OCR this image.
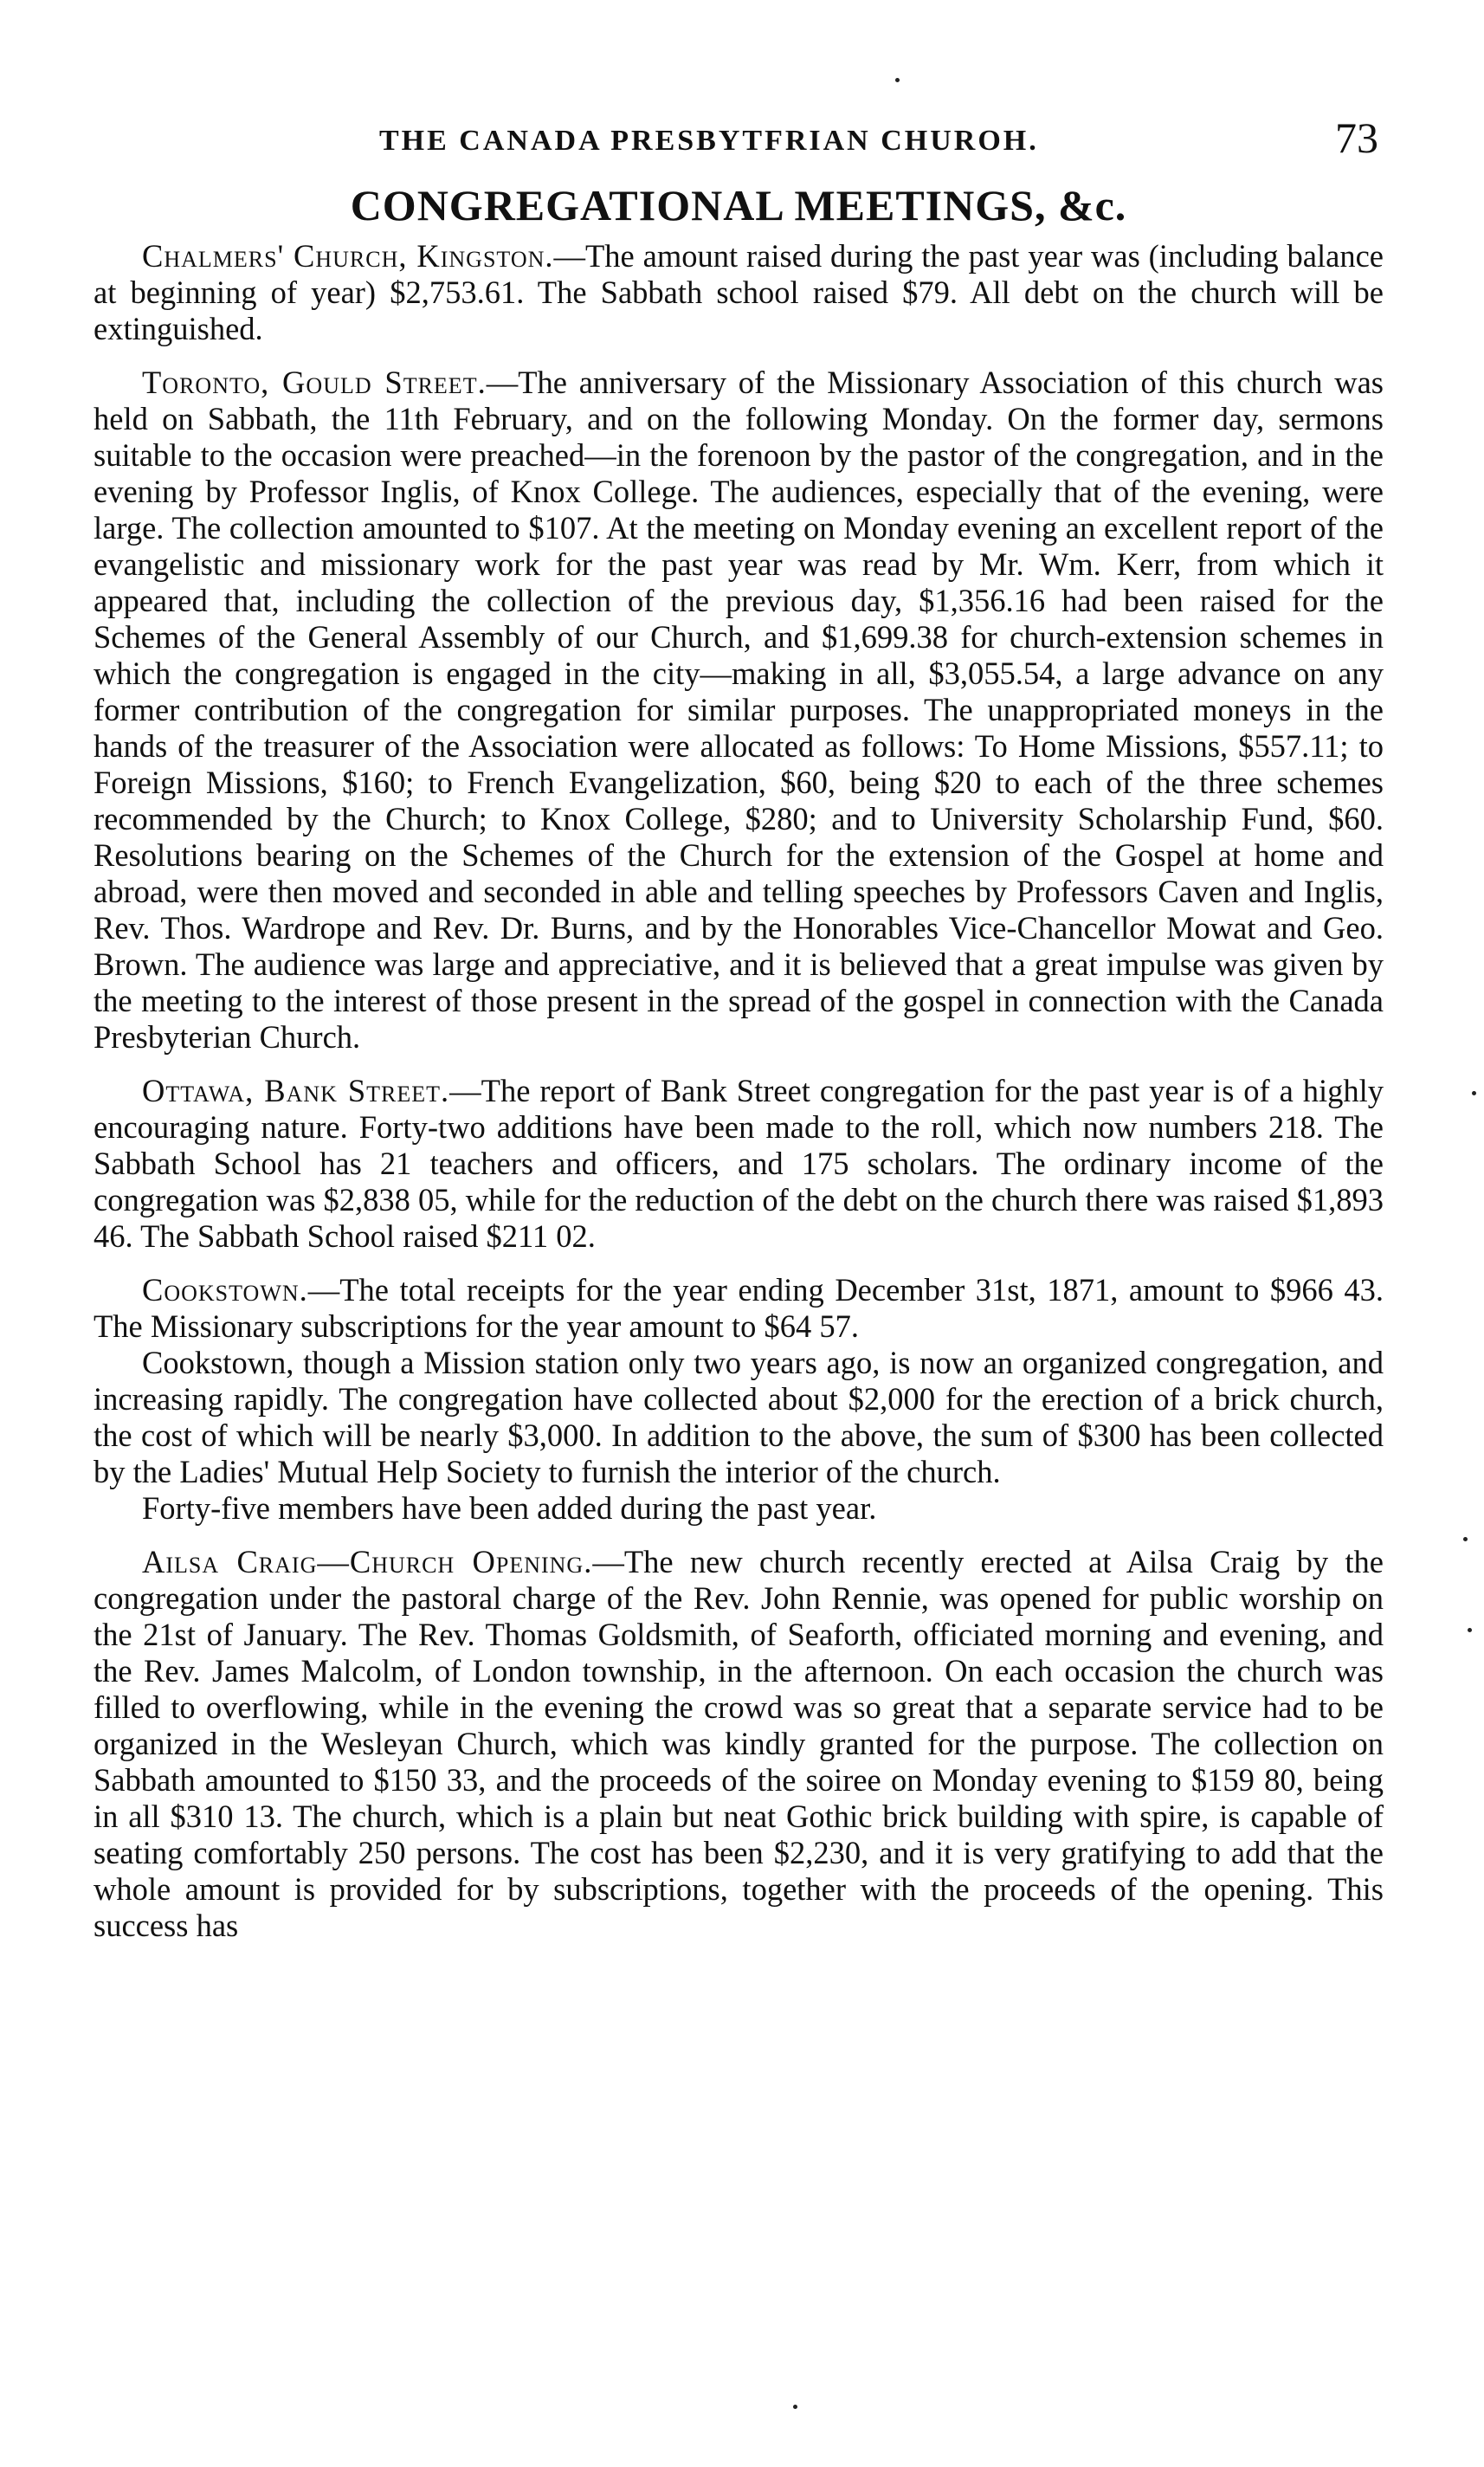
THE CANADA PRESBYTFRIAN CHUROH.	73
CONGREGATIONAL MEETINGS, &c.

Chalmers' Church, Kingston.—The amount raised during the past year was (including balance at beginning of year) $2,753.61. The Sabbath school raised $79. All debt on the church will be extinguished.

Toronto, Gould Street.—The anniversary of the Missionary Association of this church was held on Sabbath, the 11th February, and on the following Monday. On the former day, sermons suitable to the occasion were preached—in the forenoon by the pastor of the congregation, and in the evening by Professor Inglis, of Knox College. The audiences, especially that of the evening, were large. The collection amounted to $107. At the meeting on Monday evening an excellent report of the evangelistic and missionary work for the past year was read by Mr. Wm. Kerr, from which it appeared that, including the collection of the previous day, $1,356.16 had been raised for the Schemes of the General Assembly of our Church, and $1,699.38 for church-extension schemes in which the congregation is engaged in the city—making in all, $3,055.54, a large advance on any former contribution of the congregation for similar purposes. The unappropriated moneys in the hands of the treasurer of the Association were allocated as follows: To Home Missions, $557.11; to Foreign Missions, $160; to French Evangelization, $60, being $20 to each of the three schemes recommended by the Church; to Knox College, $280; and to University Scholarship Fund, $60. Resolutions bearing on the Schemes of the Church for the extension of the Gospel at home and abroad, were then moved and seconded in able and telling speeches by Professors Caven and Inglis, Rev. Thos. Wardrope and Rev. Dr. Burns, and by the Honorables Vice-Chancellor Mowat and Geo. Brown. The audience was large and appreciative, and it is believed that a great impulse was given by the meeting to the interest of those present in the spread of the gospel in connection with the Canada Presbyterian Church.

Ottawa, Bank Street.—The report of Bank Street congregation for the past year is of a highly encouraging nature. Forty-two additions have been made to the roll, which now numbers 218. The Sabbath School has 21 teachers and officers, and 175 scholars. The ordinary income of the congregation was $2,838 05, while for the reduction of the debt on the church there was raised $1,893 46. The Sabbath School raised $211 02.

Cookstown.—The total receipts for the year ending December 31st, 1871, amount to $966 43. The Missionary subscriptions for the year amount to $64 57.

Cookstown, though a Mission station only two years ago, is now an organized congregation, and increasing rapidly. The congregation have collected about $2,000 for the erection of a brick church, the cost of which will be nearly $3,000. In addition to the above, the sum of $300 has been collected by the Ladies' Mutual Help Society to furnish the interior of the church.

Forty-five members have been added during the past year.

Ailsa Craig—Church Opening.—The new church recently erected at Ailsa Craig by the congregation under the pastoral charge of the Rev. John Rennie, was opened for public worship on the 21st of January. The Rev. Thomas Goldsmith, of Seaforth, officiated morning and evening, and the Rev. James Malcolm, of London township, in the afternoon. On each occasion the church was filled to overflowing, while in the evening the crowd was so great that a separate service had to be organized in the Wesleyan Church, which was kindly granted for the purpose. The collection on Sabbath amounted to $150 33, and the proceeds of the soiree on Monday evening to $159 80, being in all $310 13. The church, which is a plain but neat Gothic brick building with spire, is capable of seating comfortably 250 persons. The cost has been $2,230, and it is very gratifying to add that the whole amount is provided for by subscriptions, together with the proceeds of the opening. This success has
